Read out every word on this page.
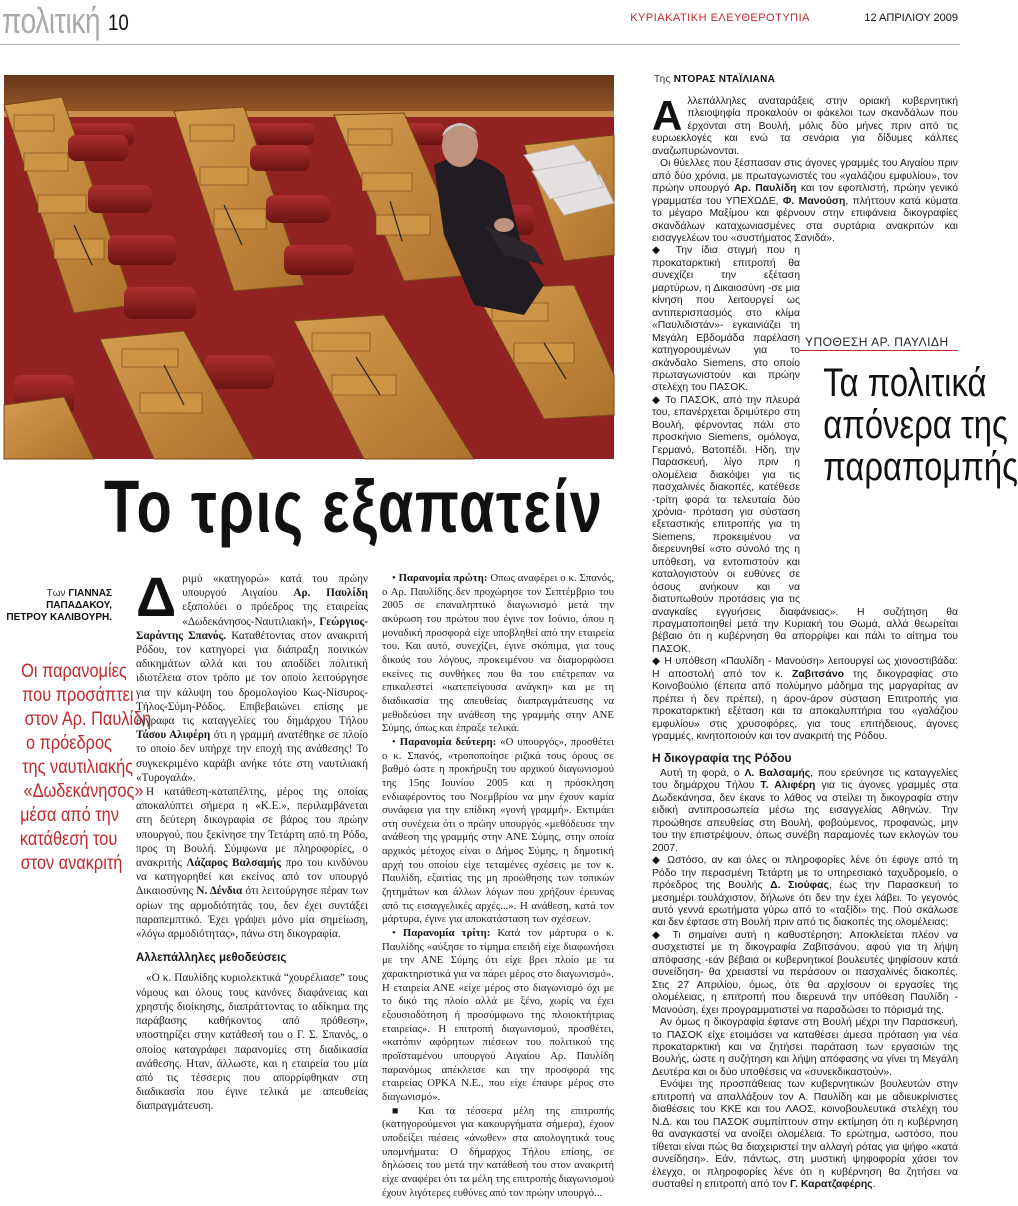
πολιτική 10	ΚΥΡΙΑΚΑΤΙΚΗ ΕΛΕΥΘΕΡΟΤΥΠΙΑ	12 ΑΠΡΙΛΙΟΥ 2009
Το τρις εξαπατείν
Των ΓΙΑΝΝΑΣ ΠΑΠΑΔΑΚΟΥ, ΠΕΤΡΟΥ ΚΑΛΙΒΟΥΡΗ.
Οι παρανομίες
που προσάπτει
στον Αρ. Παυλίδη
ο πρόεδρος
της ναυτιλιακής
«Δωδεκάνησος»
μέσα από την
κατάθεσή του
στον ανακριτή

Δριμύ «κατηγορώ» κατά του πρώην υπουργού Αιγαίου Αρ. Παυλίδη εξαπολύει ο πρόεδρος της εταιρείας «Δωδεκάνησος-Ναυτιλιακή», Γεώργιος-Σαράντης Σπανός. Καταθέτοντας στον ανακριτή Ρόδου, τον κατηγορεί για διάπραξη ποινικών αδικημάτων αλλά και του αποδίδει πολιτική ιδιοτέλεια στον τρόπο με τον οποίο λειτούργησε για την κάλυψη του δρομολογίου Κως-Νίσυρος-Τήλος-Σύμη-Ρόδος. Επιβεβαιώνει επίσης με έγγραφα τις καταγγελίες του δημάρχου Τήλου Τάσου Αλιφέρη ότι η γραμμή ανατέθηκε σε πλοίο το οποίο δεν υπήρχε την εποχή της ανάθεσης! Το συγκεκριμένο καράβι ανήκε τότε στη ναυτιλιακή «Τυρογαλά».

Η κατάθεση-καταπέλτης, μέρος της οποίας αποκαλύπτει σήμερα η «Κ.Ε.», περιλαμβάνεται στη δεύτερη δικογραφία σε βάρος του πρώην υπουργού, που ξεκίνησε την Τετάρτη από τη Ρόδο, προς τη Βουλή. Σύμφωνα με πληροφορίες, ο ανακριτής Λάζαρος Βαλσαμής προ του κινδύνου να κατηγορηθεί και εκείνος από τον υπουργό Δικαιοσύνης Ν. Δένδια ότι λειτούργησε πέραν των ορίων της αρμοδιότητάς του, δεν έχει συντάξει παραπεμπτικό. Έχει γράψει μόνο μία σημείωση, «λόγω αρμοδιότητας», πάνω στη δικογραφία.

Αλλεπάλληλες μεθοδεύσεις

«Ο κ. Παυλίδης κυριολεκτικά “χουρέλιασε” τους νόμους και όλους τους κανόνες διαφάνειας και χρηστής διοίκησης, διαπράττοντας το αδίκημα της παράβασης καθήκοντος από πρόθεση», υποστηρίζει στην κατάθεσή του ο Γ. Σ. Σπανός, ο οποίος καταγράφει παρανομίες στη διαδικασία ανάθεσης. Ηταν, άλλωστε, και η εταιρεία του μία από τις τέσσερις που απορρίφθηκαν στη διαδικασία που έγινε τελικά με απευθείας διαπραγμάτευση.

• Παρανομία πρώτη: Οπως αναφέρει ο κ. Σπανός, ο Αρ. Παυλίδης δεν προχώρησε τον Σεπτέμβριο του 2005 σε επαναληπτικό διαγωνισμό μετά την ακύρωση του πρώτου που έγινε τον Ιούνιο, όπου η μοναδική προσφορά είχε υποβληθεί από την εταιρεία του. Και αυτό, συνεχίζει, έγινε σκόπιμα, για τους δικούς του λόγους, προκειμένου να διαμορφώσει εκείνες τις συνθήκες που θα του επέτρεπαν να επικαλεστεί «κατεπείγουσα ανάγκη» και με τη διαδικασία της απευθείας διαπραγμάτευσης να μεθοδεύσει την ανάθεση της γραμμής στην ΑΝΕ Σύμης, όπως και έπραξε τελικά.

• Παρανομία δεύτερη: «Ο υπουργός», προσθέτει ο κ. Σπανός, «τροποποίησε ριζικά τους όρους σε βαθμό ώστε η προκήρυξη του αρχικού διαγωνισμού της 15ης Ιουνίου 2005 και η πρόσκληση ενδιαφέροντος του Νοεμβρίου να μην έχουν καμία συνάφεια για την επίδικη «γονή γραμμή». Εκτιμάει στη συνέχεια ότι ο πρώην υπουργός «μεθόδευσε την ανάθεση της γραμμής στην ΑΝΕ Σύμης, στην οποία αρχικός μέτοχος είναι ο Δήμος Σύμης, η δημοτική αρχή του οποίου είχε τεταμένες σχέσεις με τον κ. Παυλίδη, εξαιτίας της μη προώθησης των τοπικών ζητημάτων και άλλων λόγων που χρήζουν έρευνας από τις εισαγγελικές αρχές...». Η ανάθεση, κατά τον μάρτυρα, έγινε για αποκατάσταση των σχέσεων.

• Παρανομία τρίτη: Κατά τον μάρτυρα ο κ. Παυλίδης «αύξησε το τίμημα επειδή είχε διαφωνήσει με την ΑΝΕ Σύμης ότι είχε βρει πλοίο με τα χαρακτηριστικά για να πάρει μέρος στο διαγωνισμό». Η εταιρεία ΑΝΕ «είχε μέρος στο διαγωνισμό όχι με το δικό της πλοίο αλλά με ξένο, χωρίς να έχει εξουσιοδότηση ή προσύμφωνο της πλοιοκτήτριας εταιρείας». Η επιτροπή διαγωνισμού, προσθέτει, «κατόπιν αφόρητων πιέσεων του πολιτικού της προϊσταμένου υπουργού Αιγαίου Αρ. Παυλίδη παρανόμως απέκλεισε και την προσφορά της εταιρείας ΟΡΚΑ Ν.Ε., που είχε έπαυρε μέρος στο διαγωνισμό».

■ Και τα τέσσερα μέλη της επιτροπής (κατηγορούμενοι για κακουργήματα σήμερα), έχουν υποδείξει πιέσεις «άνωθεν» στα απολογητικά τους υπομνήματα: Ο δήμαρχος Τήλου επίσης, σε δηλώσεις του μετά την κατάθεσή του στον ανακριτή είχε αναφέρει ότι τα μέλη της επιτροπής διαγωνισμού έχουν λιγότερες ευθύνες από τον πρώην υπουργό...

Της ΝΤΟΡΑΣ ΝΤΑΪΛΙΑΝΑ
ΥΠΟΘΕΣΗ ΑΡ. ΠΑΥΛΙΔΗ
Τα πολιτικά
απόνερα της
παραπομπής

Αλλεπάλληλες αναταράξεις στην οριακή κυβερνητική πλειοψηφία προκαλούν οι φάκελοι των σκανδάλων που έρχονται στη Βουλή, μόλις δύο μήνες πριν από τις ευρωεκλογές και ενώ τα σενάρια για δίδυμες κάλπες αναζωπυρώνονται.

Οι θύελλες που ξέσπασαν στις άγονες γραμμές του Αιγαίου πριν από δύο χρόνια, με πρωταγωνιστές του «γαλάζιου εμφυλίου», τον πρώην υπουργό Αρ. Παυλίδη και τον εφοπλιστή, πρώην γενικό γραμματέα του ΥΠΕΧΩΔΕ, Φ. Μανούση, πλήττουν κατά κύματα το μέγαρο Μαξίμου και φέρνουν στην επιφάνεια δικογραφίες σκανδάλων καταχωνιασμένες στα συρτάρια ανακριτών και εισαγγελέων του «συστήματος Σανιδά».

◆ Την ίδια στιγμή που η προκαταρκτική επιτροπή θα συνεχίζει την εξέταση μαρτύρων, η Δικαιοσύνη -σε μια κίνηση που λειτουργεί ως αντιπερισπασμός στο κλίμα «Παυλιδιστάν»- εγκαινιάζει τη Μεγάλη Εβδομάδα παρέλαση κατηγορουμένων για το σκάνδαλο Siemens, στο οποίο πρωταγωνιστούν και πρώην στελέχη του ΠΑΣΟΚ.

◆ Το ΠΑΣΟΚ, από την πλευρά του, επανέρχεται δριμύτερο στη Βουλή, φέρνοντας πάλι στο προσκήνιο Siemens, ομόλογα, Γερμανό, Βατοπέδι. Ηδη, την Παρασκευή, λίγο πριν η ολομέλεια διακόψει για τις πασχαλινές διακοπές, κατέθεσε -τρίτη φορά τα τελευταία δύο χρόνια- πρόταση για σύσταση εξεταστικής επιτροπής για τη Siemens, προκειμένου να διερευνηθεί «στο σύνολό της η υπόθεση, να εντοπιστούν και καταλογιστούν οι ευθύνες σε όσους ανήκουν και να διατυπωθούν προτάσεις για τις αναγκαίες εγγυήσεις διαφάνειας». Η συζήτηση θα πραγματοποιηθεί μετά την Κυριακή του Θωμά, αλλά θεωρείται βέβαιο ότι η κυβέρνηση θα απορρίψει και πάλι το αίτημα του ΠΑΣΟΚ.

◆ Η υπόθεση «Παυλίδη - Μανούση» λειτουργεί ως χιονοστιβάδα: Η αποστολή από τον κ. Ζαβιτσάνο της δικογραφίας στο Κοινοβούλιο (έπειτα από πολύμηνο μάδημα της μαργαρίτας αν πρέπει ή δεν πρέπει), η άρον-άρον σύσταση Επιτροπής για προκαταρκτική εξέταση και τα αποκαλυπτήρια του «γαλάζιου εμφυλίου» στις χρυσοφόρες, για τους επιτήδειους, άγονες γραμμές, κινητοποιούν και τον ανακριτή της Ρόδου.

Η δικογραφία της Ρόδου

Αυτή τη φορά, ο Λ. Βαλσαμής, που ερεύνησε τις καταγγελίες του δημάρχου Τήλου Τ. Αλιφέρη για τις άγονες γραμμές στα Δωδεκάνησα, δεν έκανε το λάθος να στείλει τη δικογραφία στην ειδική αντιπροσωπεία μέσω της εισαγγελίας Αθηνών. Την προώθησε απευθείας στη Βουλή, φοβούμενος, προφανώς, μην του την επιστρέψουν, όπως συνέβη παραμονές των εκλογών του 2007.

◆ Ωστόσο, αν και όλες οι πληροφορίες λένε ότι έφυγε από τη Ρόδο την περασμένη Τετάρτη με το υπηρεσιακό ταχυδρομείο, ο πρόεδρος της Βουλής Δ. Σιούφας, έως την Παρασκευή το μεσημέρι τουλάχιστον, δήλωνε ότι δεν την έχει λάβει. Το γεγονός αυτό γεννά ερωτήματα γύρω από το «ταξίδι» της. Πού σκάλωσε και δεν έφτασε στη Βουλή πριν από τις διακοπές της ολομέλειας;

◆ Τι σημαίνει αυτή η καθυστέρηση; Αποκλείεται πλέον να συσχετιστεί με τη δικογραφία Ζαβιτσάνου, αφού για τη λήψη απόφασης -εάν βέβαια οι κυβερνητικοί βουλευτές ψηφίσουν κατά συνείδηση- θα χρειαστεί να περάσουν οι πασχαλινές διακοπές. Στις 27 Απριλίου, όμως, ότε θα αρχίσουν οι εργασίες της ολομέλειας, η επιτροπή που διερευνά την υπόθεση Παυλίδη - Μανούση, έχει προγραμματιστεί να παραδώσει το πόρισμά της.

Αν όμως η δικογραφία έφτανε στη Βουλή μέχρι την Παρασκευή, το ΠΑΣΟΚ είχε ετοιμάσει να καταθέσει άμεσα πρόταση για νέα προκαταρκτική και να ζητήσει παράταση των εργασιών της Βουλής, ώστε η συζήτηση και λήψη απόφασης να γίνει τη Μεγάλη Δευτέρα και οι δύο υποθέσεις να «συνεκδικαστούν».

Ενόψει της προσπάθειας των κυβερνητικών βουλευτών στην επιτροπή να απαλλάξουν τον Α. Παυλίδη και με αδιευκρίνιστες διαθέσεις του ΚΚΕ και του ΛΑΟΣ, κοινοβουλευτικά στελέχη του Ν.Δ. και του ΠΑΣΟΚ συμπίπτουν στην εκτίμηση ότι η κυβέρνηση θα αναγκαστεί να ανοίξει ολομέλεια. Το ερώτημα, ωστόσο, που τίθεται είναι πώς θα διαχειριστεί την αλλαγή ρότας για ψήφο «κατά συνείδηση». Εάν, πάντως, στη μυστική ψηφοφορία χάσει τον έλεγχο, οι πληροφορίες λένε ότι η κυβέρνηση θα ζητήσει να συσταθεί η επιτροπή από τον Γ. Καρατζαφέρης.
